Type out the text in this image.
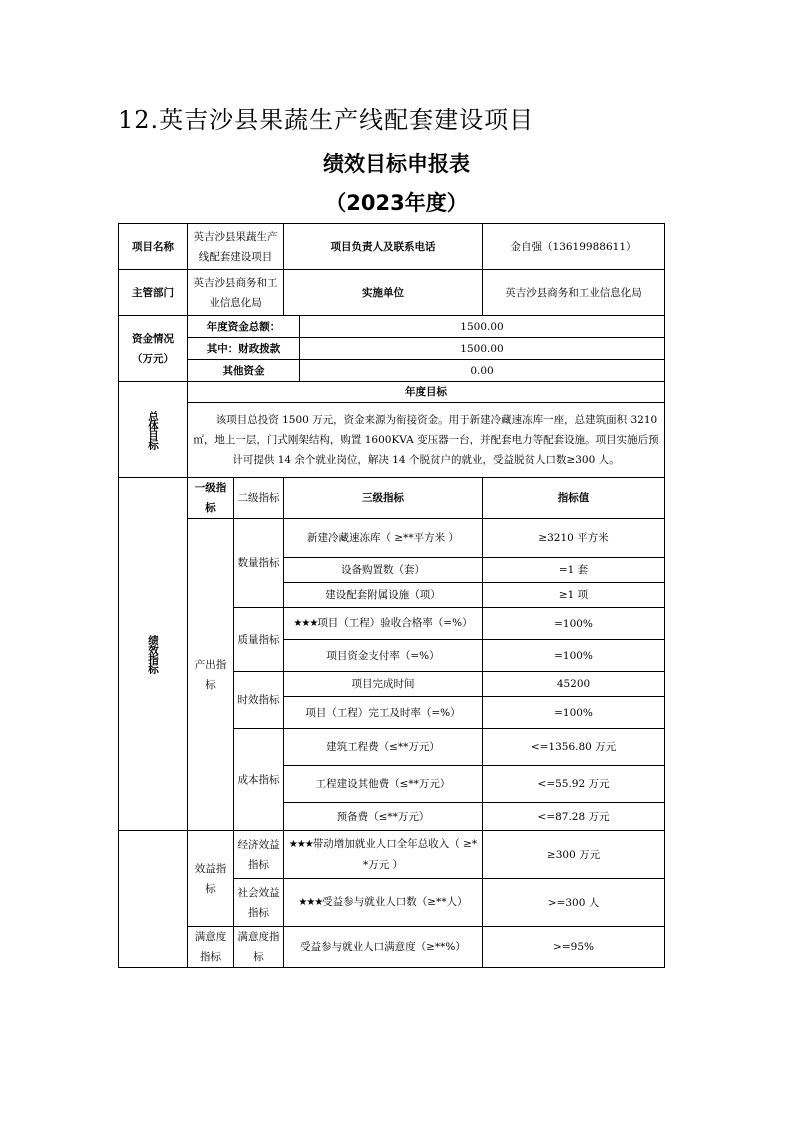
12.英吉沙县果蔬生产线配套建设项目
绩效目标申报表
（2023年度）
项目名称	英吉沙县果蔬生产线配套建设项目		项目负责人及联系电话		金自强（13619988611）
主管部门	英吉沙县商务和工业信息化局		实施单位		英吉沙县商务和工业信息化局
资金情况（万元）	年度资金总额：			1500.00	
	其中：财政拨款			1500.00	
	其他资金			0.00	
总体目标	年度目标				
	该项目总投资 1500 万元，资金来源为衔接资金。用于新建冷藏速冻库一座，总建筑面积 3210 ㎡，地上一层，门式刚架结构，购置 1600KVA 变压器一台，并配套电力等配套设施。项目实施后预计可提供 14 余个就业岗位，解决 14 个脱贫户的就业，受益脱贫人口数≥300 人。				
绩效指标	一级指标	二级指标	三级指标		指标值
	产出指标	数量指标	新建冷藏速冻库（ ≥**平方米 ）		≥3210 平方米
			设备购置数（套）		=1 套
			建设配套附属设施（项）		≥1 项
		质量指标	★★★项目（工程）验收合格率（=%）		=100%
			项目资金支付率（=%）		=100%
		时效指标	项目完成时间		45200
			项目（工程）完工及时率（=%）		=100%
		成本指标	建筑工程费（≤**万元）		<=1356.80 万元
			工程建设其他费（≤**万元）		<=55.92 万元
			预备费（≤**万元）		<=87.28 万元
	效益指标	经济效益指标	★★★带动增加就业人口全年总收入（ ≥**万元 ）		≥300 万元
		社会效益指标	★★★受益参与就业人口数（≥**人）		>=300 人
	满意度指标	满意度指标	受益参与就业人口满意度（≥**%）		>=95%
